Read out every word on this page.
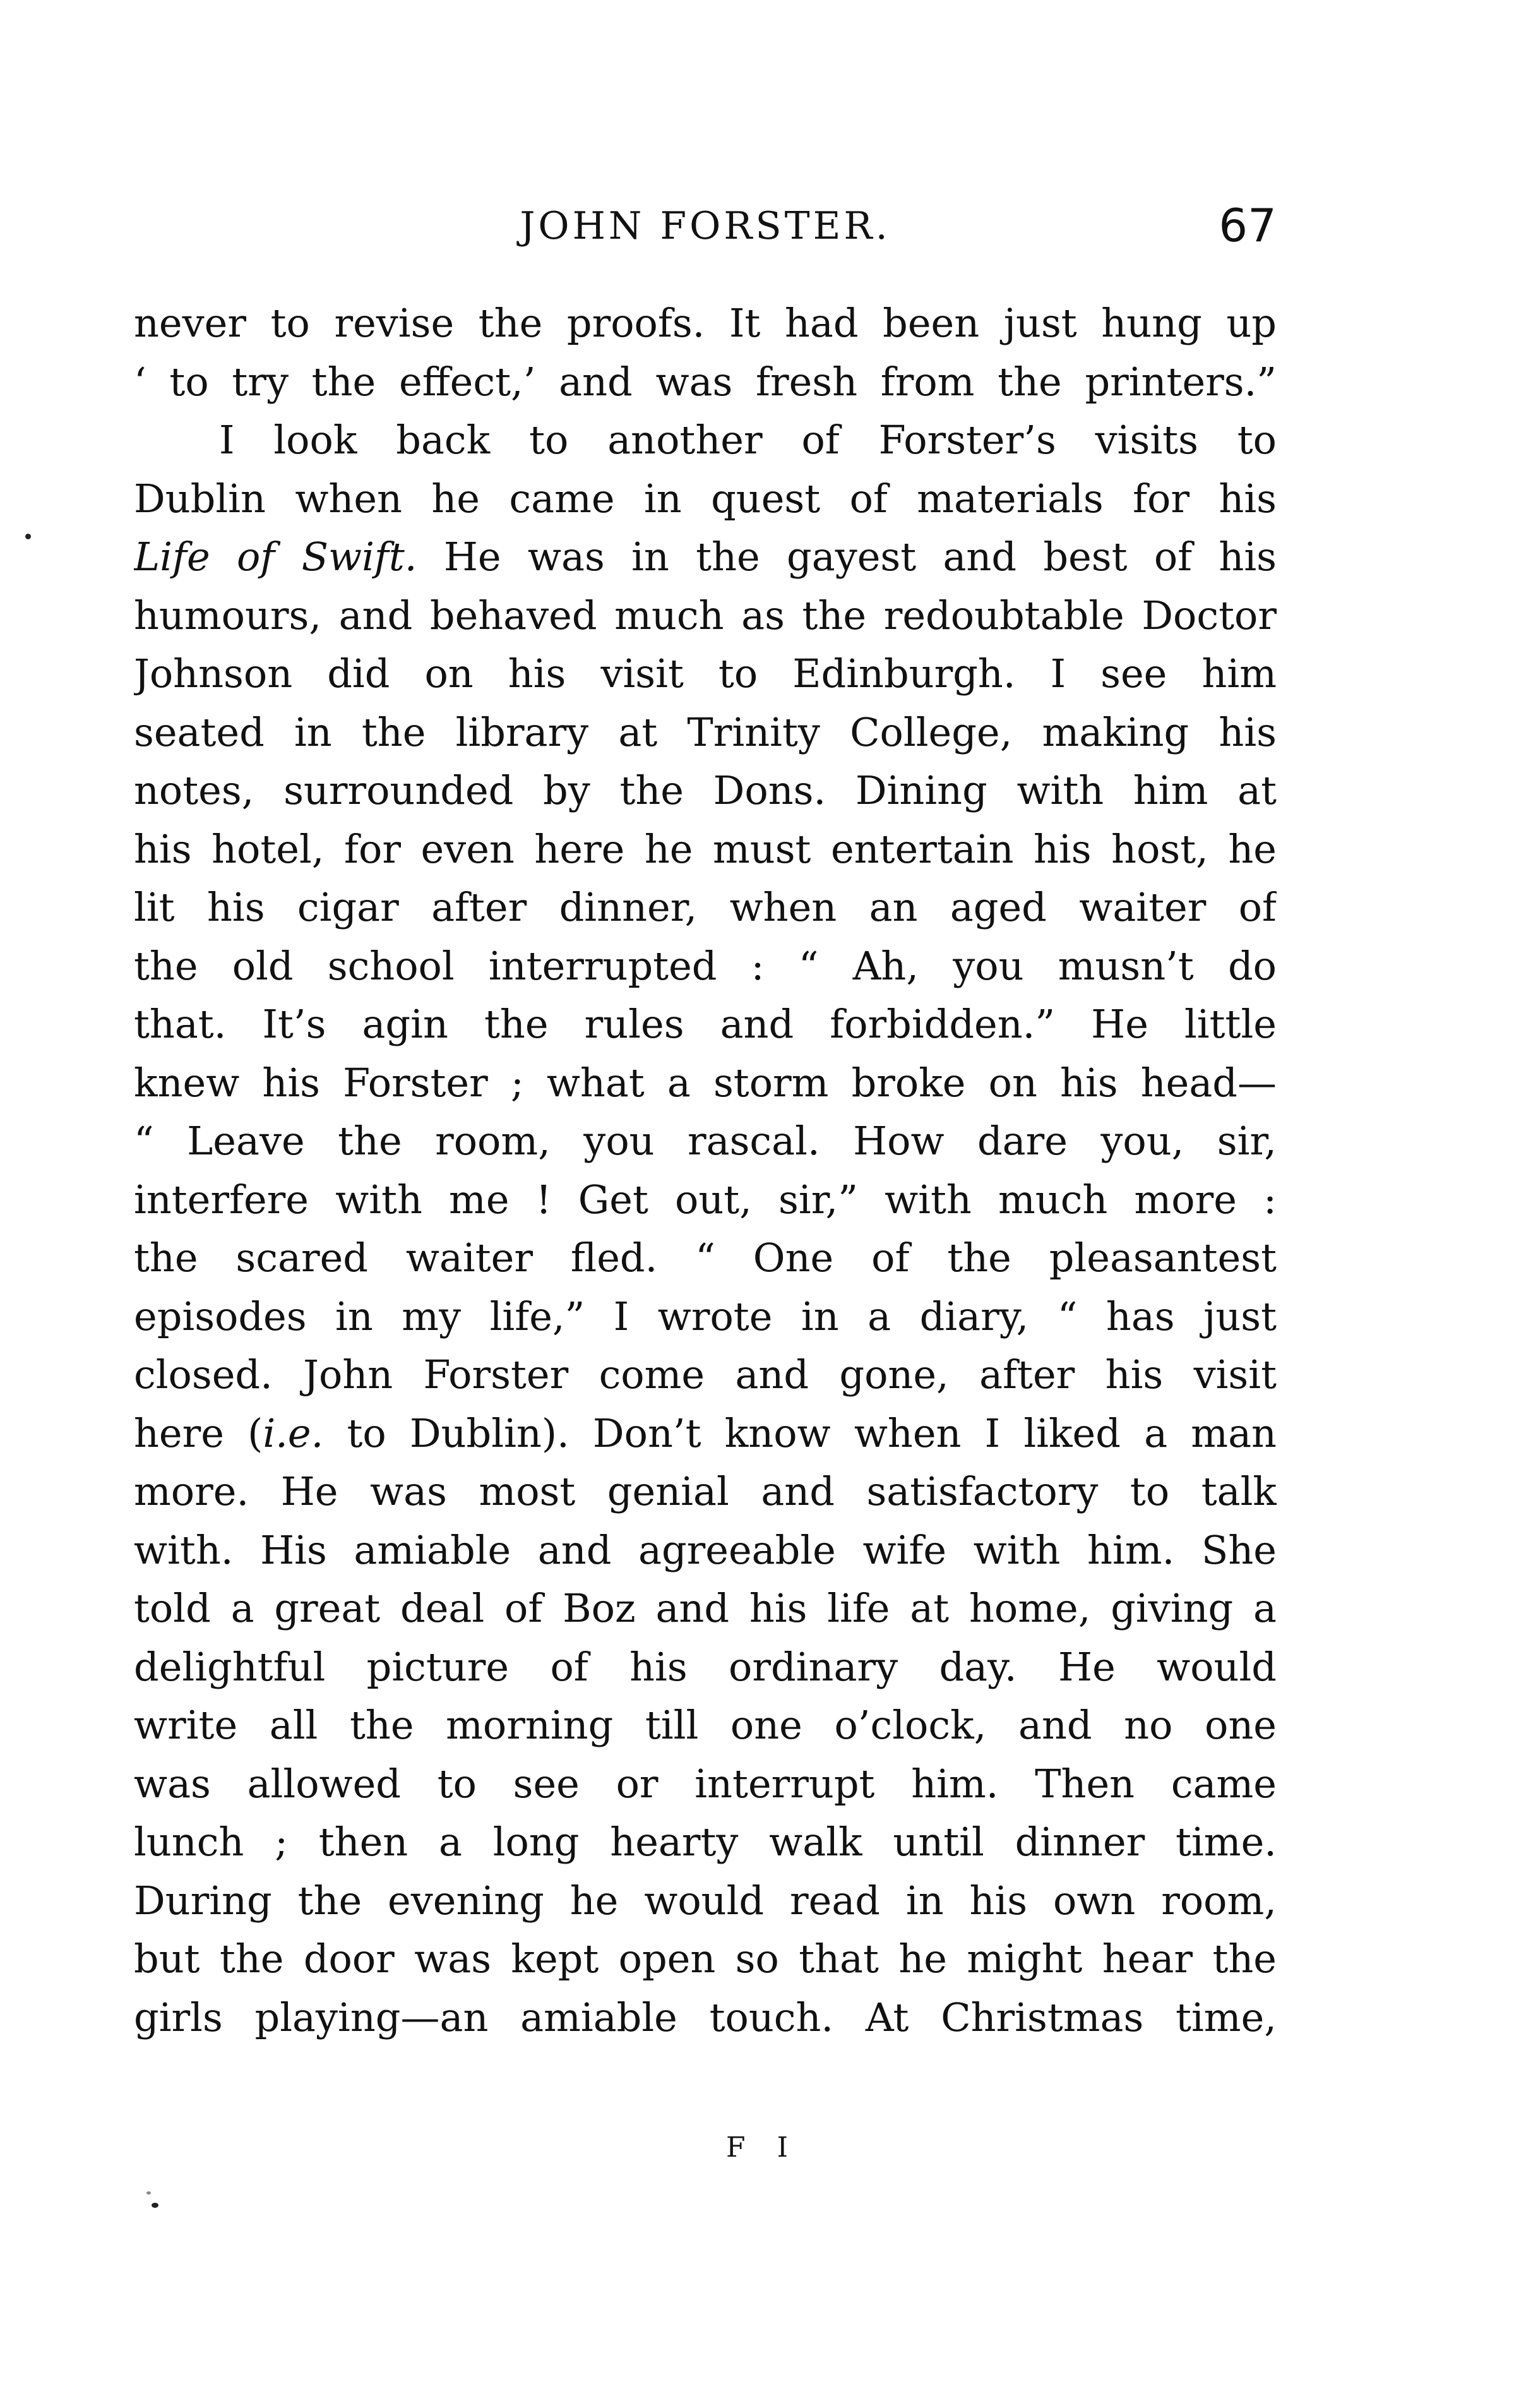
JOHN FORSTER.	67
never to revise the proofs. It had been just hung up
‘ to try the effect,’ and was fresh from the printers.”
I look back to another of Forster’s visits to
Dublin when he came in quest of materials for his
Life of Swift. He was in the gayest and best of his
humours, and behaved much as the redoubtable Doctor
Johnson did on his visit to Edinburgh. I see him
seated in the library at Trinity College, making his
notes, surrounded by the Dons. Dining with him at
his hotel, for even here he must entertain his host, he
lit his cigar after dinner, when an aged waiter of
the old school interrupted : “ Ah, you musn’t do
that. It’s agin the rules and forbidden.” He little
knew his Forster ; what a storm broke on his head—
“ Leave the room, you rascal. How dare you, sir,
interfere with me ! Get out, sir,” with much more :
the scared waiter fled. “ One of the pleasantest
episodes in my life,” I wrote in a diary, “ has just
closed. John Forster come and gone, after his visit
here (i.e. to Dublin). Don’t know when I liked a man
more. He was most genial and satisfactory to talk
with. His amiable and agreeable wife with him. She
told a great deal of Boz and his life at home, giving a
delightful picture of his ordinary day. He would
write all the morning till one o’clock, and no one
was allowed to see or interrupt him. Then came
lunch ; then a long hearty walk until dinner time.
During the evening he would read in his own room,
but the door was kept open so that he might hear the
girls playing—an amiable touch. At Christmas time,
F I
